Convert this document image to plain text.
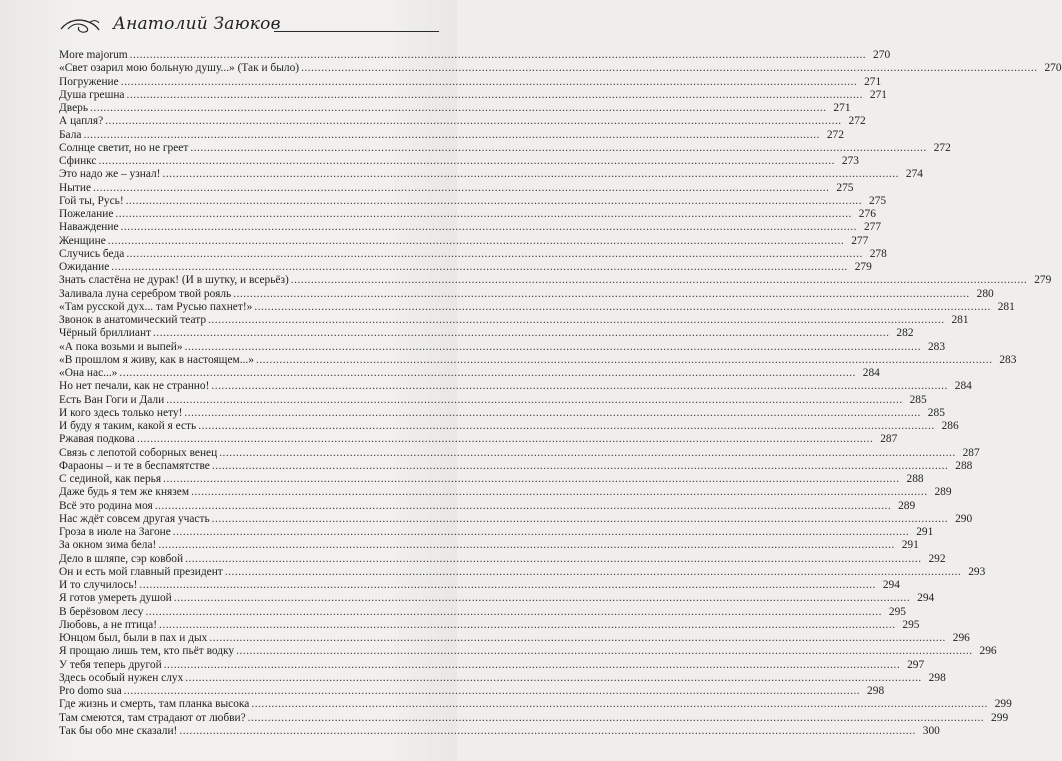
Анатолий Заюков
More majorum ............................................................................................................................................................................................................................ 270
«Свет озарил мою больную душу...» (Так и было) ............................................................................................................................................................................................................................ 270
Погружение ............................................................................................................................................................................................................................ 271
Душа грешна ............................................................................................................................................................................................................................ 271
Дверь ............................................................................................................................................................................................................................ 271
А цапля? ............................................................................................................................................................................................................................ 272
Бала ............................................................................................................................................................................................................................ 272
Солнце светит, но не греет ............................................................................................................................................................................................................................ 272
Сфинкс ............................................................................................................................................................................................................................ 273
Это надо же – узнал! ............................................................................................................................................................................................................................ 274
Нытие ............................................................................................................................................................................................................................ 275
Гой ты, Русь! ............................................................................................................................................................................................................................ 275
Пожелание ............................................................................................................................................................................................................................ 276
Наваждение ............................................................................................................................................................................................................................ 277
Женщине ............................................................................................................................................................................................................................ 277
Случись беда ............................................................................................................................................................................................................................ 278
Ожидание ............................................................................................................................................................................................................................ 279
Знать сластёна не дурак! (И в шутку, и всерьёз) ............................................................................................................................................................................................................................ 279
Заливала луна серебром твой рояль ............................................................................................................................................................................................................................ 280
«Там русской дух... там Русью пахнет!» ............................................................................................................................................................................................................................ 281
Звонок в анатомический театр ............................................................................................................................................................................................................................ 281
Чёрный бриллиант ............................................................................................................................................................................................................................ 282
«А пока возьми и выпей» ............................................................................................................................................................................................................................ 283
«В прошлом я живу, как в настоящем...» ............................................................................................................................................................................................................................ 283
«Она нас...» ............................................................................................................................................................................................................................ 284
Но нет печали, как не странно! ............................................................................................................................................................................................................................ 284
Есть Ван Гоги и Дали ............................................................................................................................................................................................................................ 285
И кого здесь только нету! ............................................................................................................................................................................................................................ 285
И буду я таким, какой я есть ............................................................................................................................................................................................................................ 286
Ржавая подкова ............................................................................................................................................................................................................................ 287
Связь с лепотой соборных венец ............................................................................................................................................................................................................................ 287
Фараоны – и те в беспамятстве ............................................................................................................................................................................................................................ 288
С сединой, как перья ............................................................................................................................................................................................................................ 288
Даже будь я тем же князем ............................................................................................................................................................................................................................ 289
Всё это родина моя ............................................................................................................................................................................................................................ 289
Нас ждёт совсем другая участь ............................................................................................................................................................................................................................ 290
Гроза в июле на Загоне ............................................................................................................................................................................................................................ 291
За окном зима бела! ............................................................................................................................................................................................................................ 291
Дело в шляпе, сэр ковбой ............................................................................................................................................................................................................................ 292
Он и есть мой главный президент ............................................................................................................................................................................................................................ 293
И то случилось! ............................................................................................................................................................................................................................ 294
Я готов умереть душой ............................................................................................................................................................................................................................ 294
В берёзовом лесу ............................................................................................................................................................................................................................ 295
Любовь, а не птица! ............................................................................................................................................................................................................................ 295
Юнцом был, были в пах и дых ............................................................................................................................................................................................................................ 296
Я прощаю лишь тем, кто пьёт водку ............................................................................................................................................................................................................................ 296
У тебя теперь другой ............................................................................................................................................................................................................................ 297
Здесь особый нужен слух ............................................................................................................................................................................................................................ 298
Pro domo sua ............................................................................................................................................................................................................................ 298
Где жизнь и смерть, там планка высока ............................................................................................................................................................................................................................ 299
Там смеются, там страдают от любви? ............................................................................................................................................................................................................................ 299
Так бы обо мне сказали! ............................................................................................................................................................................................................................ 300
